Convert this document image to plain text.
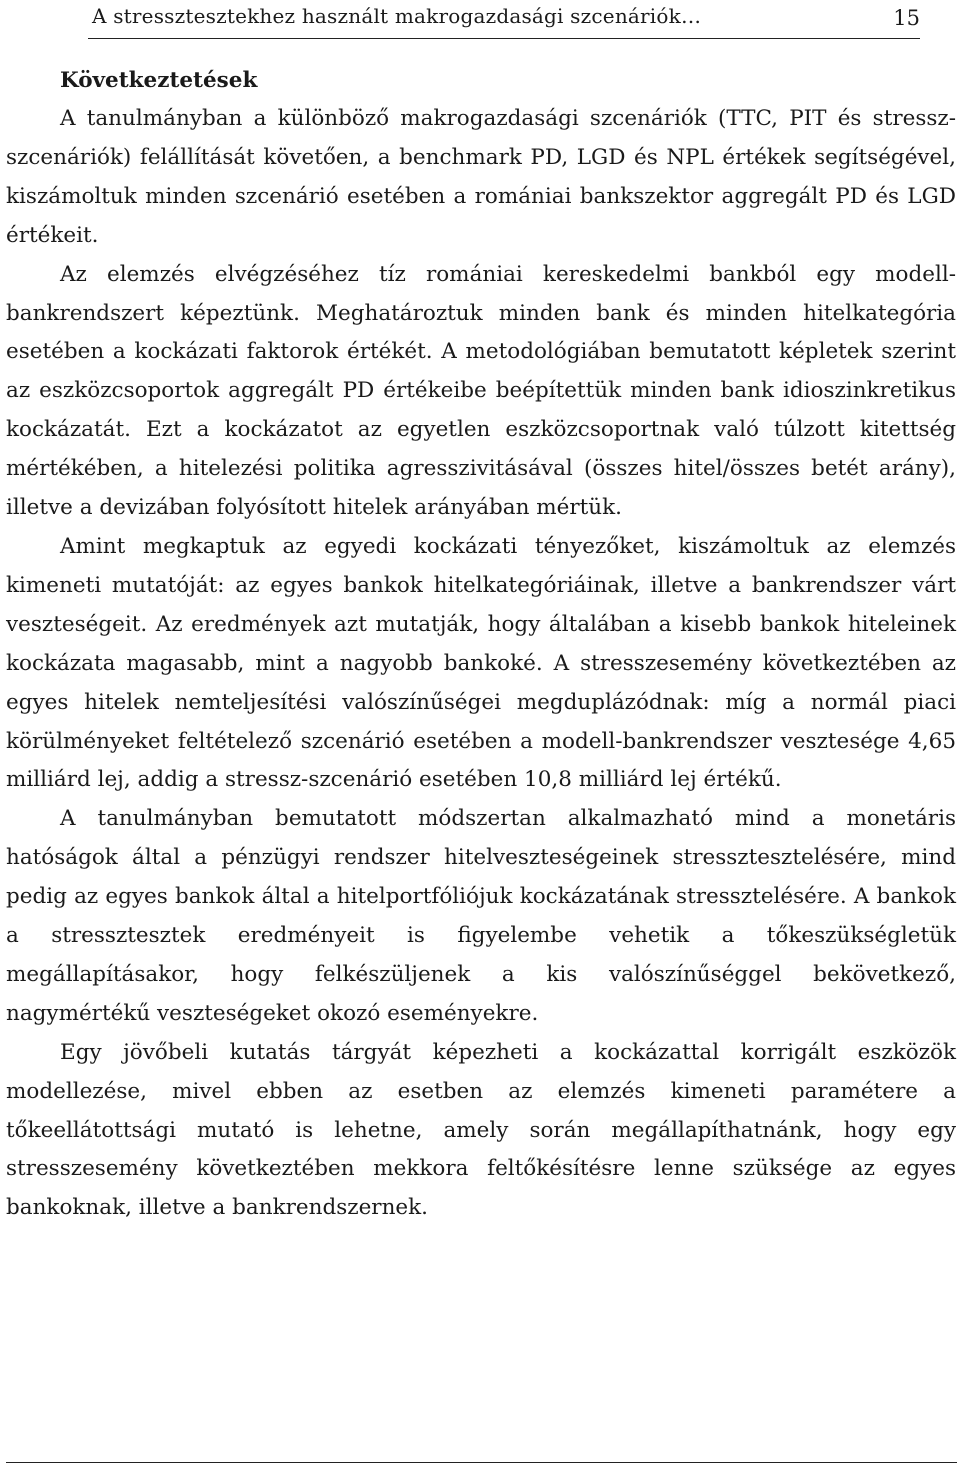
A stressztesztekhez használt makrogazdasági szcenáriók…	15
Következtetések

A tanulmányban a különböző makrogazdasági szcenáriók (TTC, PIT és stressz-szcenáriók) felállítását követően, a benchmark PD, LGD és NPL értékek segítségével, kiszámoltuk minden szcenárió esetében a romániai bankszektor aggregált PD és LGD értékeit.

Az elemzés elvégzéséhez tíz romániai kereskedelmi bankból egy modell-bankrendszert képeztünk. Meghatároztuk minden bank és minden hitelkategória esetében a kockázati faktorok értékét. A metodológiában bemutatott képletek szerint az eszközcsoportok aggregált PD értékeibe beépítettük minden bank idioszinkretikus kockázatát. Ezt a kockázatot az egyetlen eszközcsoportnak való túlzott kitettség mértékében, a hitelezési politika agresszivitásával (összes hitel/összes betét arány), illetve a devizában folyósított hitelek arányában mértük.

Amint megkaptuk az egyedi kockázati tényezőket, kiszámoltuk az elemzés kimeneti mutatóját: az egyes bankok hitelkategóriáinak, illetve a bankrendszer várt veszteségeit. Az eredmények azt mutatják, hogy általában a kisebb bankok hiteleinek kockázata magasabb, mint a nagyobb bankoké. A stresszesemény következtében az egyes hitelek nemteljesítési valószínűségei megduplázódnak: míg a normál piaci körülményeket feltételező szcenárió esetében a modell-bankrendszer vesztesége 4,65 milliárd lej, addig a stressz-szcenárió esetében 10,8 milliárd lej értékű.

A tanulmányban bemutatott módszertan alkalmazható mind a monetáris hatóságok által a pénzügyi rendszer hitelveszteségeinek stressztesztelésére, mind pedig az egyes bankok által a hitelportfóliójuk kockázatának stressztelésére. A bankok a stressztesztek eredményeit is figyelembe vehetik a tőkeszükségletük megállapításakor, hogy felkészüljenek a kis valószínűséggel bekövetkező, nagymértékű veszteségeket okozó eseményekre.

Egy jövőbeli kutatás tárgyát képezheti a kockázattal korrigált eszközök modellezése, mivel ebben az esetben az elemzés kimeneti paramétere a tőkeellátottsági mutató is lehetne, amely során megállapíthatnánk, hogy egy stresszesemény következtében mekkora feltőkésítésre lenne szüksége az egyes bankoknak, illetve a bankrendszernek.
